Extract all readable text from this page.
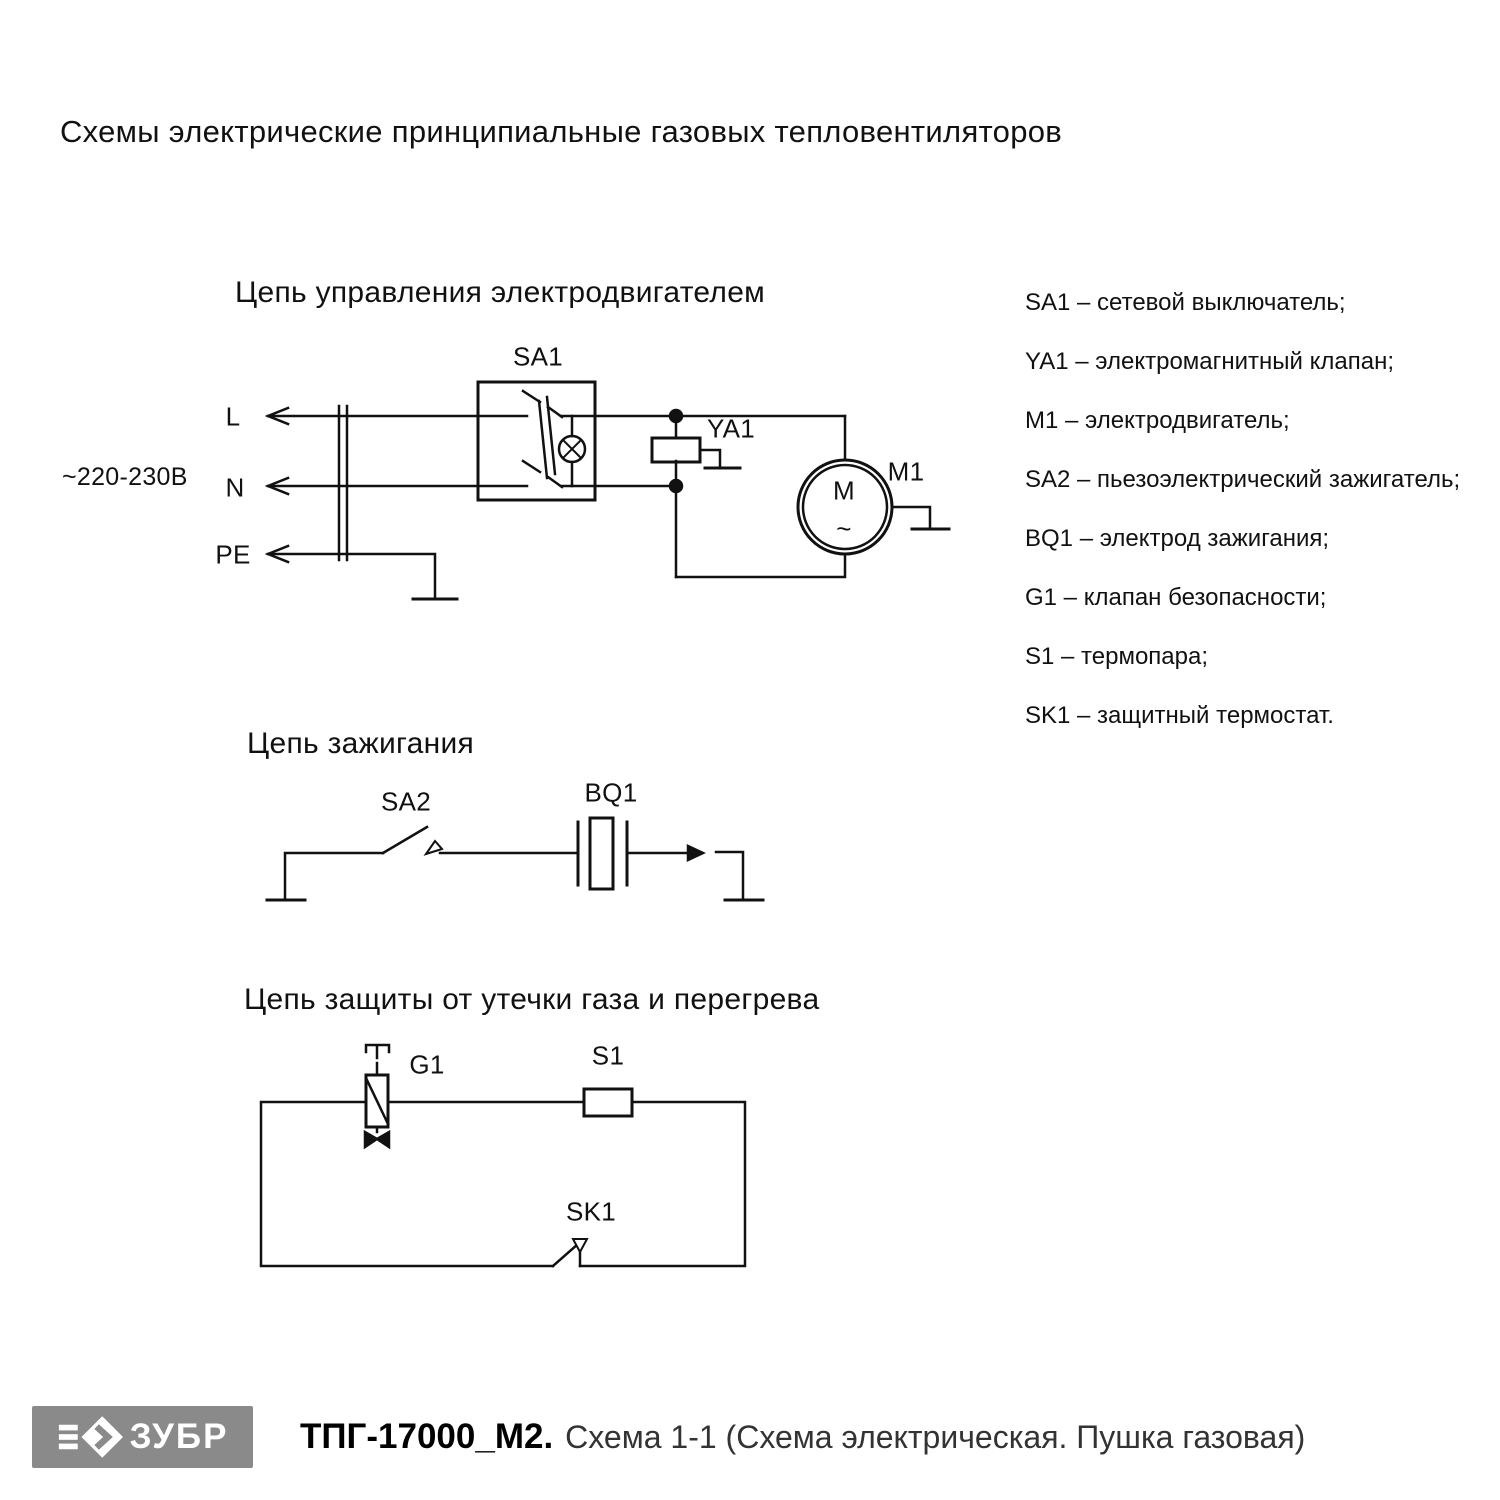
Схемы электрические принципиальные газовых тепловентиляторов
Цепь управления электродвигателем
SA1
~220-230В
L
N
PE
YA1
M1
M
~
Цепь зажигания
SA2	BQ1
Цепь защиты от утечки газа и перегрева
G1	S1
SK1
SA1 – сетевой выключатель;
YA1 – электромагнитный клапан;
M1 – электродвигатель;
SA2 – пьезоэлектрический зажигатель;
BQ1 – электрод зажигания;
G1 – клапан безопасности;
S1 – термопара;
SK1 – защитный термостат.
ЗУБР ТПГ-17000_М2. Схема 1-1 (Схема электрическая. Пушка газовая)
